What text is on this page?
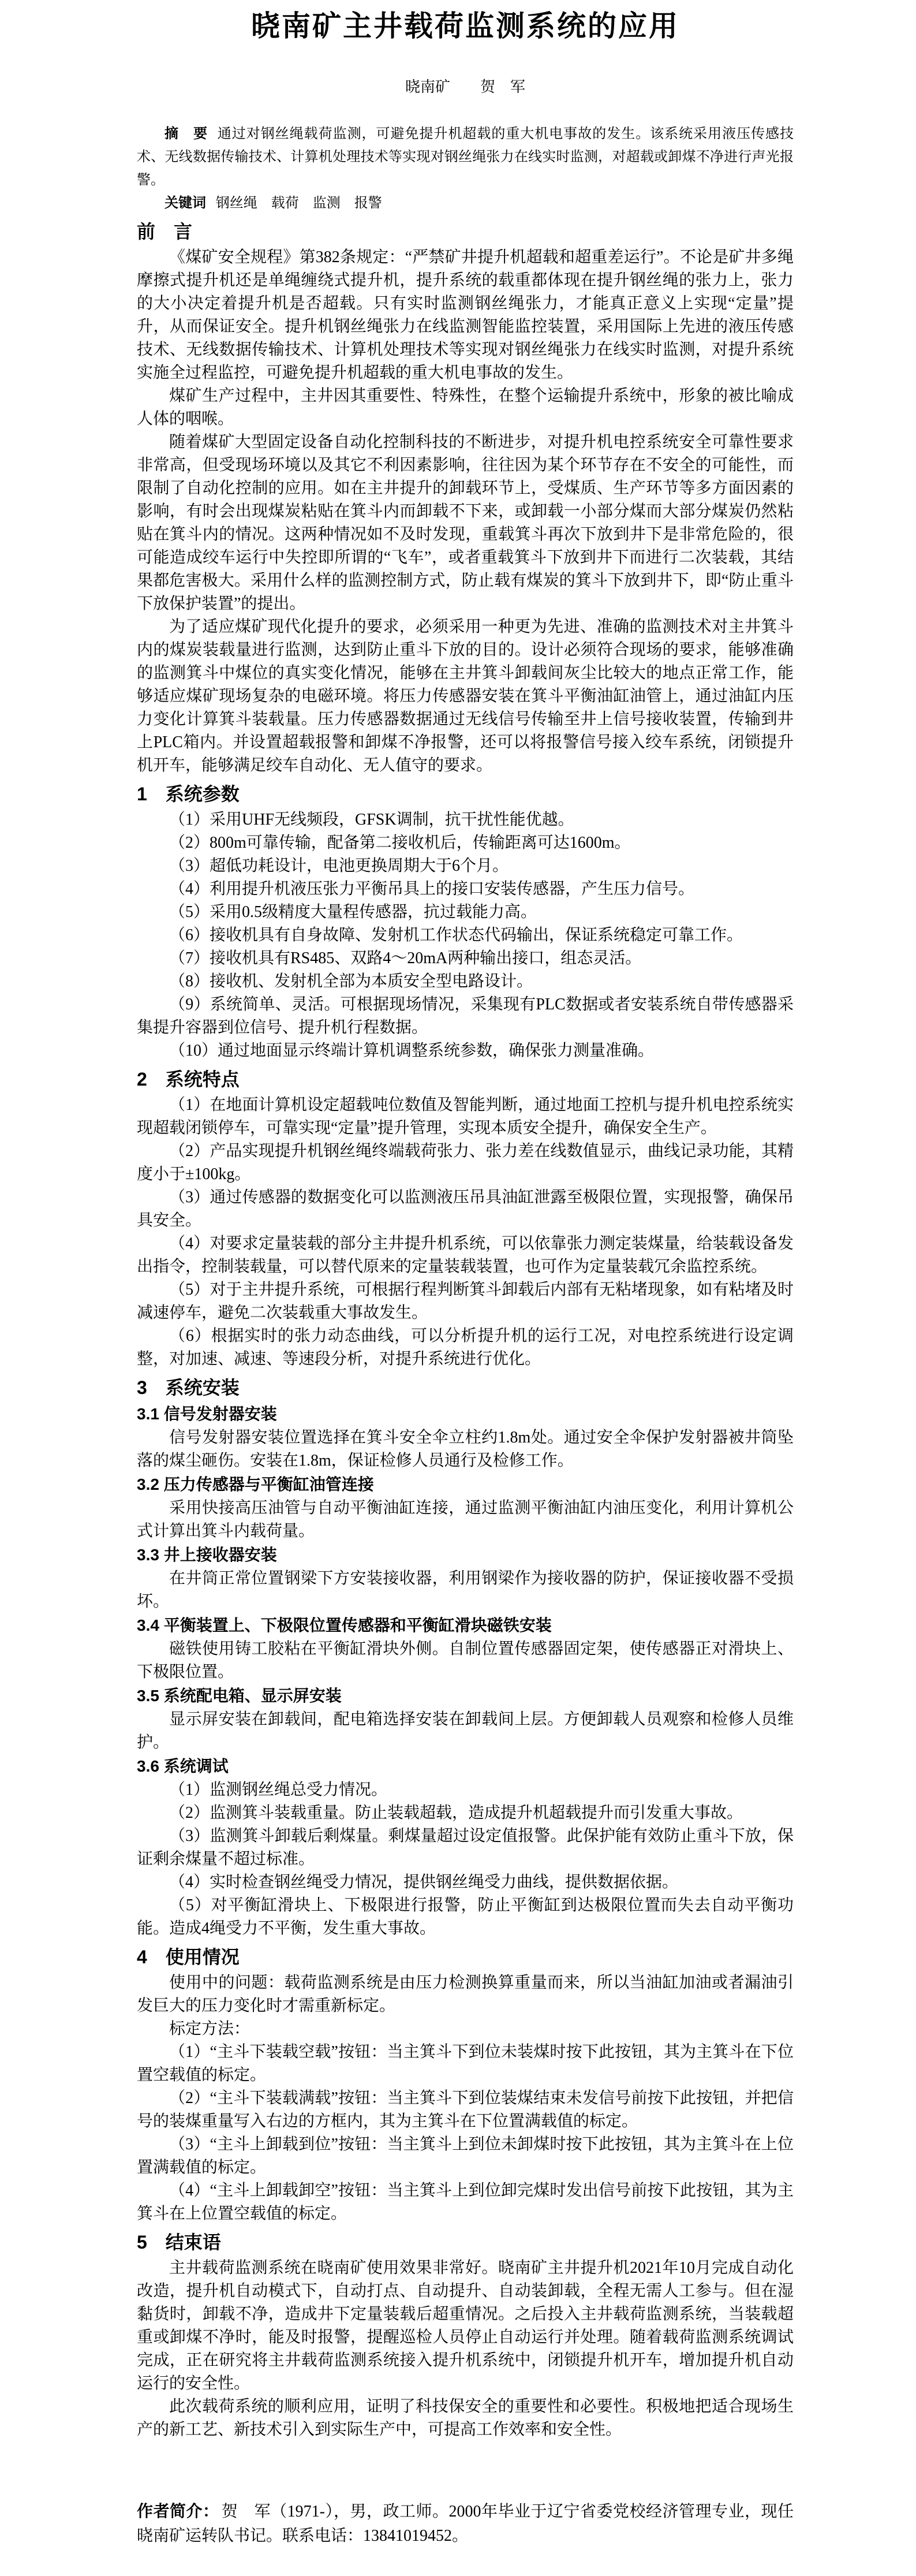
晓南矿主井载荷监测系统的应用
晓南矿　　贺　军

摘　要 通过对钢丝绳载荷监测，可避免提升机超载的重大机电事故的发生。该系统采用液压传感技术、无线数据传输技术、计算机处理技术等实现对钢丝绳张力在线实时监测，对超载或卸煤不净进行声光报警。

关键词 钢丝绳　载荷　监测　报警

前　言

《煤矿安全规程》第382条规定：“严禁矿井提升机超载和超重差运行”。不论是矿井多绳摩擦式提升机还是单绳缠绕式提升机，提升系统的载重都体现在提升钢丝绳的张力上，张力的大小决定着提升机是否超载。只有实时监测钢丝绳张力，才能真正意义上实现“定量”提升，从而保证安全。提升机钢丝绳张力在线监测智能监控装置，采用国际上先进的液压传感技术、无线数据传输技术、计算机处理技术等实现对钢丝绳张力在线实时监测，对提升系统实施全过程监控，可避免提升机超载的重大机电事故的发生。

煤矿生产过程中，主井因其重要性、特殊性，在整个运输提升系统中，形象的被比喻成人体的咽喉。

随着煤矿大型固定设备自动化控制科技的不断进步，对提升机电控系统安全可靠性要求非常高，但受现场环境以及其它不利因素影响，往往因为某个环节存在不安全的可能性，而限制了自动化控制的应用。如在主井提升的卸载环节上，受煤质、生产环节等多方面因素的影响，有时会出现煤炭粘贴在箕斗内而卸载不下来，或卸载一小部分煤而大部分煤炭仍然粘贴在箕斗内的情况。这两种情况如不及时发现，重载箕斗再次下放到井下是非常危险的，很可能造成绞车运行中失控即所谓的“飞车”，或者重载箕斗下放到井下而进行二次装载，其结果都危害极大。采用什么样的监测控制方式，防止载有煤炭的箕斗下放到井下，即“防止重斗下放保护装置”的提出。

为了适应煤矿现代化提升的要求，必须采用一种更为先进、准确的监测技术对主井箕斗内的煤炭装载量进行监测，达到防止重斗下放的目的。设计必须符合现场的要求，能够准确的监测箕斗中煤位的真实变化情况，能够在主井箕斗卸载间灰尘比较大的地点正常工作，能够适应煤矿现场复杂的电磁环境。将压力传感器安装在箕斗平衡油缸油管上，通过油缸内压力变化计算箕斗装载量。压力传感器数据通过无线信号传输至井上信号接收装置，传输到井上PLC箱内。并设置超载报警和卸煤不净报警，还可以将报警信号接入绞车系统，闭锁提升机开车，能够满足绞车自动化、无人值守的要求。

1　系统参数

（1）采用UHF无线频段，GFSK调制，抗干扰性能优越。

（2）800m可靠传输，配备第二接收机后，传输距离可达1600m。

（3）超低功耗设计，电池更换周期大于6个月。

（4）利用提升机液压张力平衡吊具上的接口安装传感器，产生压力信号。

（5）采用0.5级精度大量程传感器，抗过载能力高。

（6）接收机具有自身故障、发射机工作状态代码输出，保证系统稳定可靠工作。

（7）接收机具有RS485、双路4～20mA两种输出接口，组态灵活。

（8）接收机、发射机全部为本质安全型电路设计。

（9）系统简单、灵活。可根据现场情况，采集现有PLC数据或者安装系统自带传感器采集提升容器到位信号、提升机行程数据。

（10）通过地面显示终端计算机调整系统参数，确保张力测量准确。

2　系统特点

（1）在地面计算机设定超载吨位数值及智能判断，通过地面工控机与提升机电控系统实现超载闭锁停车，可靠实现“定量”提升管理，实现本质安全提升，确保安全生产。

（2）产品实现提升机钢丝绳终端载荷张力、张力差在线数值显示，曲线记录功能，其精度小于±100kg。

（3）通过传感器的数据变化可以监测液压吊具油缸泄露至极限位置，实现报警，确保吊具安全。

（4）对要求定量装载的部分主井提升机系统，可以依靠张力测定装煤量，给装载设备发出指令，控制装载量，可以替代原来的定量装载装置，也可作为定量装载冗余监控系统。

（5）对于主井提升系统，可根据行程判断箕斗卸载后内部有无粘堵现象，如有粘堵及时减速停车，避免二次装载重大事故发生。

（6）根据实时的张力动态曲线，可以分析提升机的运行工况，对电控系统进行设定调整，对加速、减速、等速段分析，对提升系统进行优化。

3　系统安装
3.1 信号发射器安装

信号发射器安装位置选择在箕斗安全伞立柱约1.8m处。通过安全伞保护发射器被井筒坠落的煤尘砸伤。安装在1.8m，保证检修人员通行及检修工作。

3.2 压力传感器与平衡缸油管连接

采用快接高压油管与自动平衡油缸连接，通过监测平衡油缸内油压变化，利用计算机公式计算出箕斗内载荷量。

3.3 井上接收器安装

在井筒正常位置钢梁下方安装接收器，利用钢梁作为接收器的防护，保证接收器不受损坏。

3.4 平衡装置上、下极限位置传感器和平衡缸滑块磁铁安装

磁铁使用铸工胶粘在平衡缸滑块外侧。自制位置传感器固定架，使传感器正对滑块上、下极限位置。

3.5 系统配电箱、显示屏安装

显示屏安装在卸载间，配电箱选择安装在卸载间上层。方便卸载人员观察和检修人员维护。

3.6 系统调试

（1）监测钢丝绳总受力情况。

（2）监测箕斗装载重量。防止装载超载，造成提升机超载提升而引发重大事故。

（3）监测箕斗卸载后剩煤量。剩煤量超过设定值报警。此保护能有效防止重斗下放，保证剩余煤量不超过标准。

（4）实时检查钢丝绳受力情况，提供钢丝绳受力曲线，提供数据依据。

（5）对平衡缸滑块上、下极限进行报警，防止平衡缸到达极限位置而失去自动平衡功能。造成4绳受力不平衡，发生重大事故。

4　使用情况

使用中的问题：载荷监测系统是由压力检测换算重量而来，所以当油缸加油或者漏油引发巨大的压力变化时才需重新标定。

标定方法：

（1）“主斗下装载空载”按钮：当主箕斗下到位未装煤时按下此按钮，其为主箕斗在下位置空载值的标定。

（2）“主斗下装载满载”按钮：当主箕斗下到位装煤结束未发信号前按下此按钮，并把信号的装煤重量写入右边的方框内，其为主箕斗在下位置满载值的标定。

（3）“主斗上卸载到位”按钮：当主箕斗上到位未卸煤时按下此按钮，其为主箕斗在上位置满载值的标定。

（4）“主斗上卸载卸空”按钮：当主箕斗上到位卸完煤时发出信号前按下此按钮，其为主箕斗在上位置空载值的标定。

5　结束语

主井载荷监测系统在晓南矿使用效果非常好。晓南矿主井提升机2021年10月完成自动化改造，提升机自动模式下，自动打点、自动提升、自动装卸载，全程无需人工参与。但在湿黏货时，卸载不净，造成井下定量装载后超重情况。之后投入主井载荷监测系统，当装载超重或卸煤不净时，能及时报警，提醒巡检人员停止自动运行并处理。随着载荷监测系统调试完成，正在研究将主井载荷监测系统接入提升机系统中，闭锁提升机开车，增加提升机自动运行的安全性。

此次载荷系统的顺利应用，证明了科技保安全的重要性和必要性。积极地把适合现场生产的新工艺、新技术引入到实际生产中，可提高工作效率和安全性。

作者简介： 贺　军（1971-），男，政工师。2000年毕业于辽宁省委党校经济管理专业，现任晓南矿运转队书记。联系电话：13841019452。
